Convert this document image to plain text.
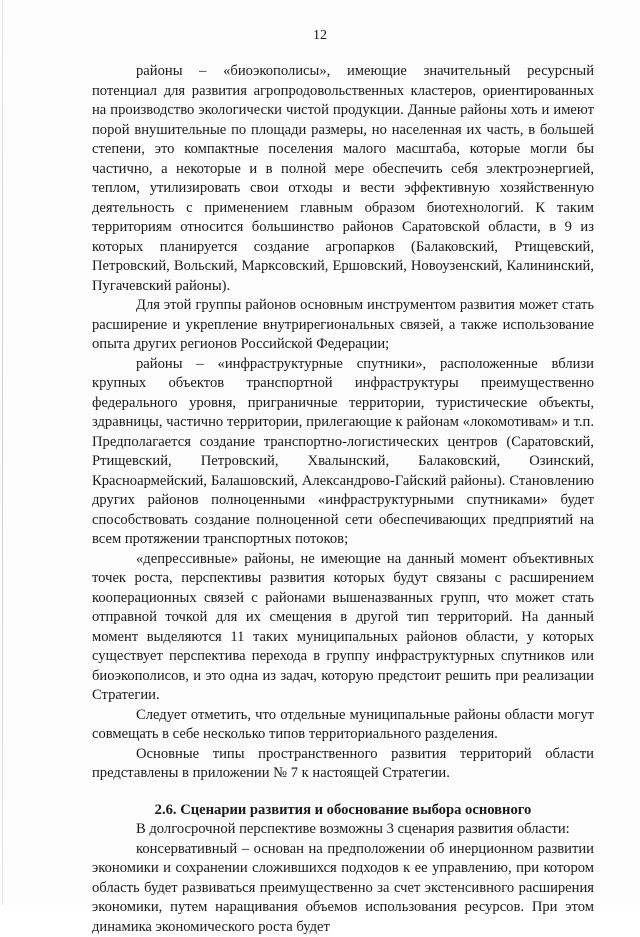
12

районы – «биоэкополисы», имеющие значительный ресурсный потенциал для развития агропродовольственных кластеров, ориентированных на производство экологически чистой продукции. Данные районы хоть и имеют порой внушительные по площади размеры, но населенная их часть, в большей степени, это компактные поселения малого масштаба, которые могли бы частично, а некоторые и в полной мере обеспечить себя электроэнергией, теплом, утилизировать свои отходы и вести эффективную хозяйственную деятельность с применением главным образом биотехнологий. К таким территориям относится большинство районов Саратовской области, в 9 из которых планируется создание агропарков (Балаковский, Ртищевский, Петровский, Вольский, Марксовский, Ершовский, Новоузенский, Калининский, Пугачевский районы).

Для этой группы районов основным инструментом развития может стать расширение и укрепление внутрирегиональных связей, а также использование опыта других регионов Российской Федерации;

районы – «инфраструктурные спутники», расположенные вблизи крупных объектов транспортной инфраструктуры преимущественно федерального уровня, приграничные территории, туристические объекты, здравницы, частично территории, прилегающие к районам «локомотивам» и т.п. Предполагается создание транспортно-логистических центров (Саратовский, Ртищевский, Петровский, Хвалынский, Балаковский, Озинский, Красноармейский, Балашовский, Александрово-Гайский районы). Становлению других районов полноценными «инфраструктурными спутниками» будет способствовать создание полноценной сети обеспечивающих предприятий на всем протяжении транспортных потоков;

«депрессивные» районы, не имеющие на данный момент объективных точек роста, перспективы развития которых будут связаны с расширением кооперационных связей с районами вышеназванных групп, что может стать отправной точкой для их смещения в другой тип территорий. На данный момент выделяются 11 таких муниципальных районов области, у которых существует перспектива перехода в группу инфраструктурных спутников или биоэкополисов, и это одна из задач, которую предстоит решить при реализации Стратегии.

Следует отметить, что отдельные муниципальные районы области могут совмещать в себе несколько типов территориального разделения.

Основные типы пространственного развития территорий области представлены в приложении № 7 к настоящей Стратегии.

2.6. Сценарии развития и обоснование выбора основного

В долгосрочной перспективе возможны 3 сценария развития области:

консервативный – основан на предположении об инерционном развитии экономики и сохранении сложившихся подходов к ее управлению, при котором область будет развиваться преимущественно за счет экстенсивного расширения экономики, путем наращивания объемов использования ресурсов. При этом динамика экономического роста будет
